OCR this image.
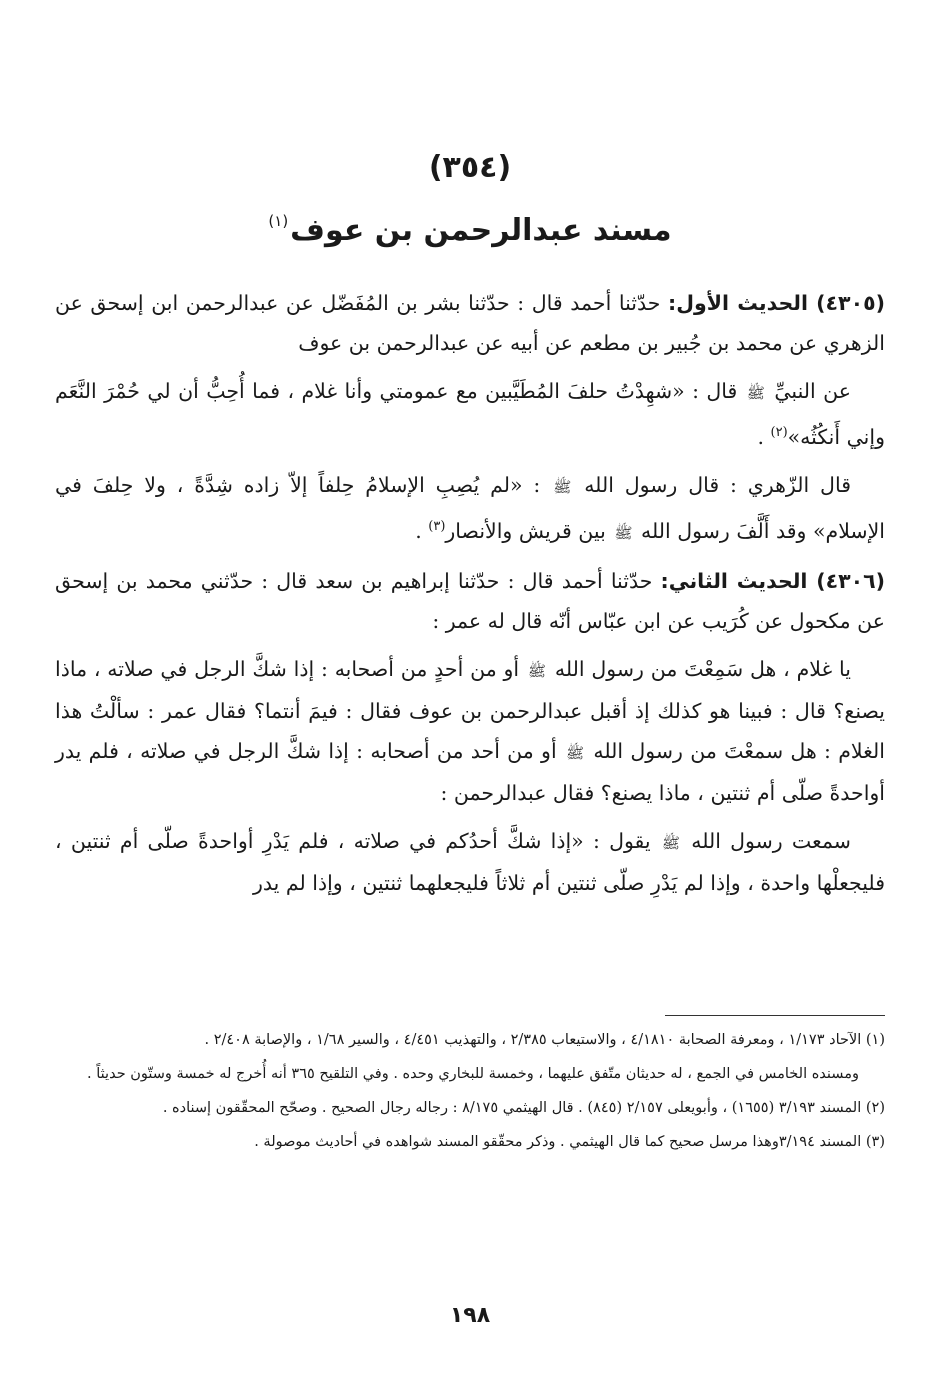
(٣٥٤)
مسند عبدالرحمن بن عوف$^{(١)}$

(٤٣٠٥) الحديث الأول: حدّثنا أحمد قال : حدّثنا بشر بن المُفَضّل عن عبدالرحمن ابن إسحق عن الزهري عن محمد بن جُبير بن مطعم عن أبيه عن عبدالرحمن بن عوف

عن النبيِّ ﷺ قال : «شهِدْتُ حلفَ المُطَيَّبين مع عمومتي وأنا غلام ، فما أُحِبُّ أن لي حُمْرَ النَّعَم وإني أَنكُثُه»$^{(٢)}$ .

قال الزّهري : قال رسول الله ﷺ : «لم يُصِبِ الإسلامُ حِلفاً إلاّ زاده شِدَّةً ، ولا حِلفَ في الإسلام» وقد أَلَّفَ رسول الله ﷺ بين قريش والأنصار$^{(٣)}$ .

(٤٣٠٦) الحديث الثاني: حدّثنا أحمد قال : حدّثنا إبراهيم بن سعد قال : حدّثني محمد بن إسحق عن مكحول عن كُرَيب عن ابن عبّاس أنّه قال له عمر :

يا غلام ، هل سَمِعْتَ من رسول الله ﷺ أو من أحدٍ من أصحابه : إذا شكَّ الرجل في صلاته ، ماذا يصنع؟ قال : فبينا هو كذلك إذ أقبل عبدالرحمن بن عوف فقال : فيمَ أنتما؟ فقال عمر : سألْتُ هذا الغلام : هل سمعْتَ من رسول الله ﷺ أو من أحد من أصحابه : إذا شكَّ الرجل في صلاته ، فلم يدر أواحدةً صلّى أم ثنتين ، ماذا يصنع؟ فقال عبدالرحمن :

سمعت رسول الله ﷺ يقول : «إذا شكَّ أحدُكم في صلاته ، فلم يَدْرِ أواحدةً صلّى أم ثنتين ، فليجعلْها واحدة ، وإذا لم يَدْرِ صلّى ثنتين أم ثلاثاً فليجعلهما ثنتين ، وإذا لم يدر

(١) الآحاد ١/١٧٣ ، ومعرفة الصحابة ٤/١٨١٠ ، والاستيعاب ٢/٣٨٥ ، والتهذيب ٤/٤٥١ ، والسير ١/٦٨ ، والإصابة ٢/٤٠٨ .

ومسنده الخامس في الجمع ، له حديثان متّفق عليهما ، وخمسة للبخاري وحده . وفي التلقيح ٣٦٥ أنه أُخرج له خمسة وستّون حديثاً .

(٢) المسند ٣/١٩٣ (١٦٥٥) ، وأبويعلى ٢/١٥٧ (٨٤٥) . قال الهيثمي ٨/١٧٥ : رجاله رجال الصحيح . وصحّح المحقّقون إسناده .

(٣) المسند ٣/١٩٤وهذا مرسل صحيح كما قال الهيثمي . وذكر محقّقو المسند شواهده في أحاديث موصولة .

١٩٨
